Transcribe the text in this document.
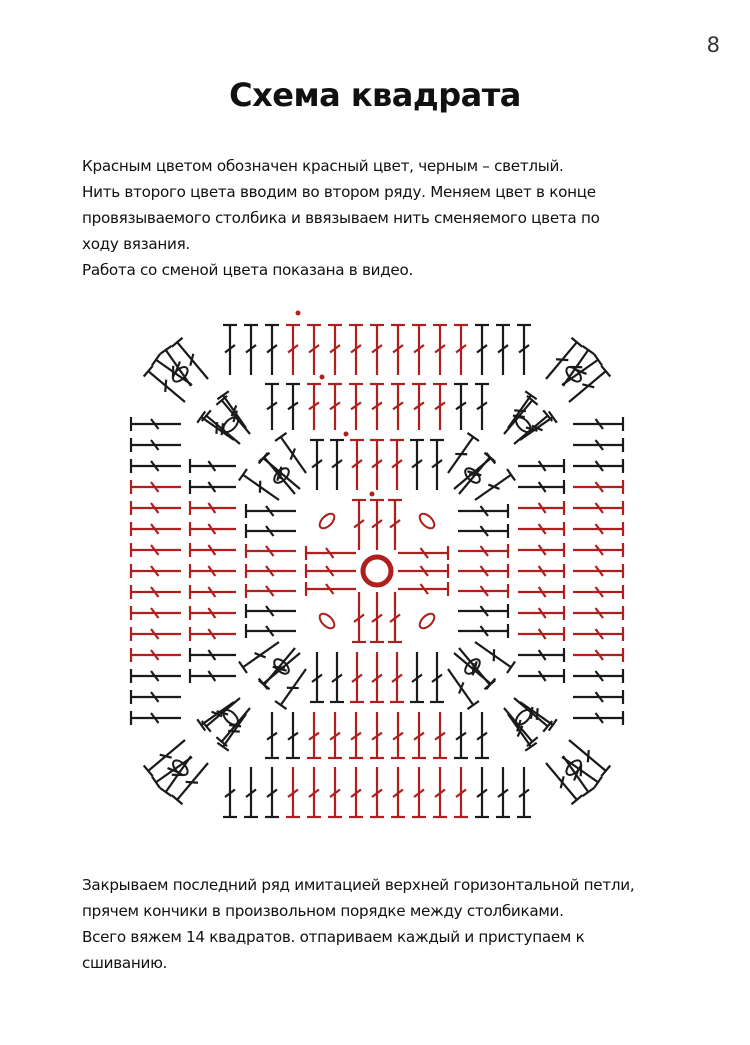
8
Схема квадрата

Красным цветом обозначен красный цвет, черным – светлый.
Нить второго цвета вводим во втором ряду. Меняем цвет в конце
провязываемого столбика и ввязываем нить сменяемого цвета по
ходу вязания.
Работа со сменой цвета показана в видео.

Закрываем последний ряд имитацией верхней горизонтальной петли,
прячем кончики в произвольном порядке между столбиками.
Всего вяжем 14 квадратов. отпариваем каждый и приступаем к
сшиванию.
